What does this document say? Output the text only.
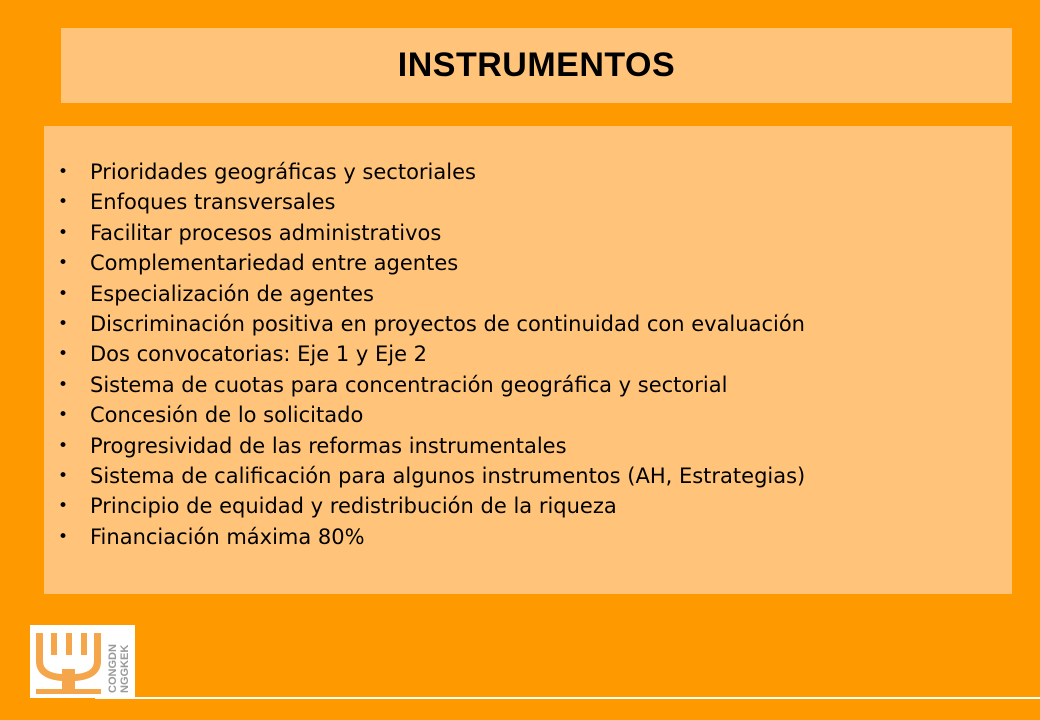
INSTRUMENTOS
•	Prioridades geográficas y sectoriales
•	Enfoques transversales
•	Facilitar procesos administrativos
•	Complementariedad entre agentes
•	Especialización de agentes
•	Discriminación positiva en proyectos de continuidad con evaluación
•	Dos convocatorias: Eje 1 y Eje 2
•	Sistema de cuotas para concentración geográfica y sectorial
•	Concesión de lo solicitado
•	Progresividad de las reformas instrumentales
•	Sistema de calificación para algunos instrumentos (AH, Estrategias)
•	Principio de equidad y redistribución de la riqueza
•	Financiación máxima 80%
CONGDN NGGKEK
